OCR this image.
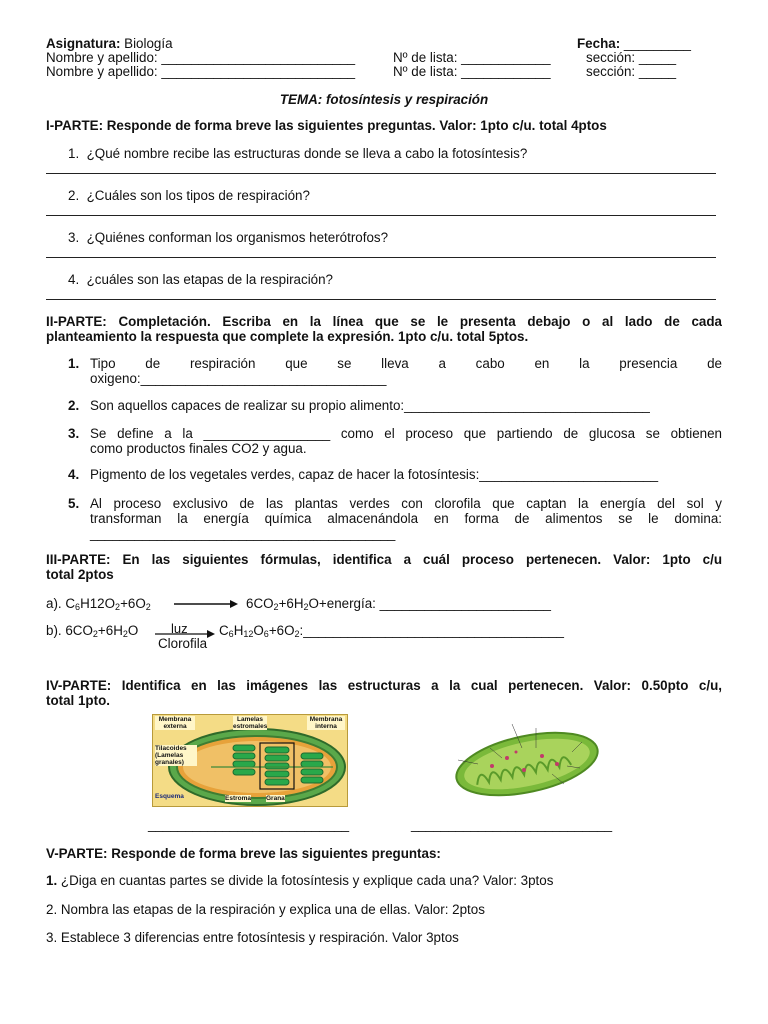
Asignatura: Biología	Fecha: _________
Nombre y apellido: __________________________	Nº de lista: ____________	sección: _____
Nombre y apellido: __________________________	Nº de lista: ____________	sección: _____
TEMA: fotosíntesis y respiración
I-PARTE: Responde de forma breve las siguientes preguntas. Valor: 1pto c/u. total 4ptos
1. ¿Qué nombre recibe las estructuras donde se lleva a cabo la fotosíntesis?
2. ¿Cuáles son los tipos de respiración?
3. ¿Quiénes conforman los organismos heterótrofos?
4. ¿cuáles son las etapas de la respiración?
II-PARTE: Completación. Escriba en la línea que se le presenta debajo o al lado de cada
planteamiento la respuesta que complete la expresión. 1pto c/u. total 5ptos.
1. Tipo de respiración que se lleva a cabo en la presencia de
oxigeno:_________________________________
2. Son aquellos capaces de realizar su propio alimento:_________________________________
3. Se define a la _________________ como el proceso que partiendo de glucosa se obtienen
como productos finales CO2 y agua.
4. Pigmento de los vegetales verdes, capaz de hacer la fotosíntesis:________________________
5. Al proceso exclusivo de las plantas verdes con clorofila que captan la energía del sol y
transforman la energía química almacenándola en forma de alimentos se le domina:
_________________________________________
III-PARTE: En las siguientes fórmulas, identifica a cuál proceso pertenecen. Valor: 1pto c/u
total 2ptos
a). $C_6H12O_2+6O_2$	$6CO_2+6H_2O+energía$: _______________________
b). $6CO_2+6H_2O$	luz
Clorofila
$C_6H_{12}O_6+6O_2:\_\_\_\_\_\_\_\_\_\_\_\_\_\_\_\_\_\_\_\_\_\_\_\_\_\_\_\_\_\_\_\_\_\_\_$
IV-PARTE: Identifica en las imágenes las estructuras a la cual pertenecen. Valor: 0.50pto c/u,
total 1pto.
Membrana externa
Lamelas estromales
Membrana interna
Tilacoides (Lamelas granales)
Esquema	Estroma Grana
___________________________	___________________________
V-PARTE: Responde de forma breve las siguientes preguntas:
1. ¿Diga en cuantas partes se divide la fotosíntesis y explique cada una? Valor: 3ptos
2. Nombra las etapas de la respiración y explica una de ellas. Valor: 2ptos
3. Establece 3 diferencias entre fotosíntesis y respiración. Valor 3ptos
